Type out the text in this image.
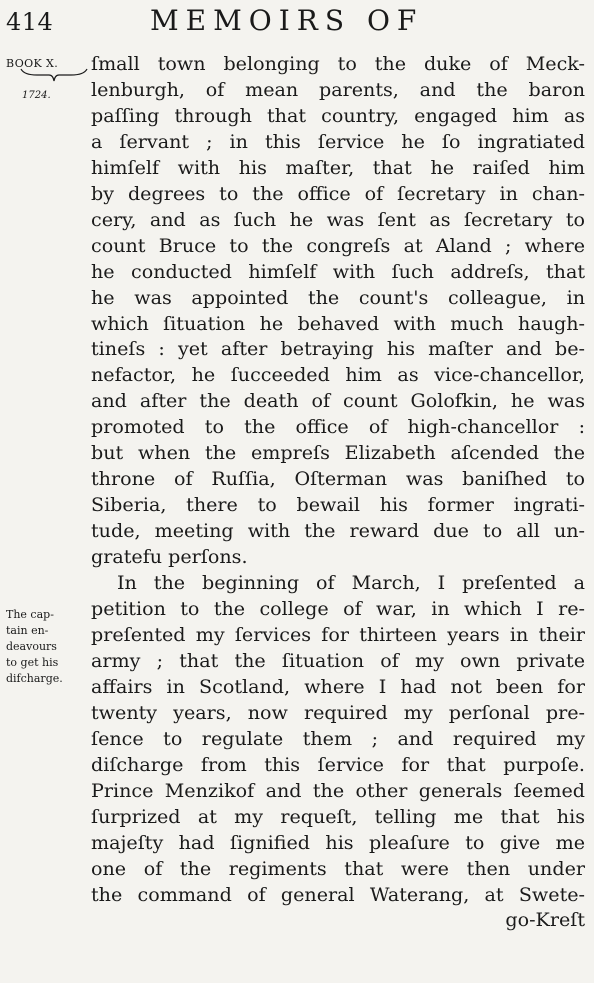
414	MEMOIRS OF
BOOK X.
1724.
The cap-
tain en-
deavours
to get his
difcharge.
ſmall town belonging to the duke of Meck-
lenburgh, of mean parents, and the baron
paſſing through that country, engaged him as
a ſervant ; in this ſervice he ſo ingratiated
himſelf with his maſter, that he raiſed him
by degrees to the office of ſecretary in chan-
cery, and as ſuch he was ſent as ſecretary to
count Bruce to the congreſs at Aland ; where
he conducted himſelf with ſuch addreſs, that
he was appointed the count's colleague, in
which ſituation he behaved with much haugh-
tineſs : yet after betraying his maſter and be-
nefactor, he ſucceeded him as vice-chancellor,
and after the death of count Golofkin, he was
promoted to the office of high-chancellor :
but when the empreſs Elizabeth aſcended the
throne of Ruſſia, Oſterman was baniſhed to
Siberia, there to bewail his former ingrati-
tude, meeting with the reward due to all un-
gratefu perſons.
In the beginning of March, I preſented a
petition to the college of war, in which I re-
preſented my ſervices for thirteen years in their
army ; that the ſituation of my own private
affairs in Scotland, where I had not been for
twenty years, now required my perſonal pre-
ſence to regulate them ; and required my
diſcharge from this ſervice for that purpoſe.
Prince Menzikof and the other generals ſeemed
ſurprized at my requeſt, telling me that his
majeſty had ſignified his pleaſure to give me
one of the regiments that were then under
the command of general Waterang, at Swete-
go-Kreſt
